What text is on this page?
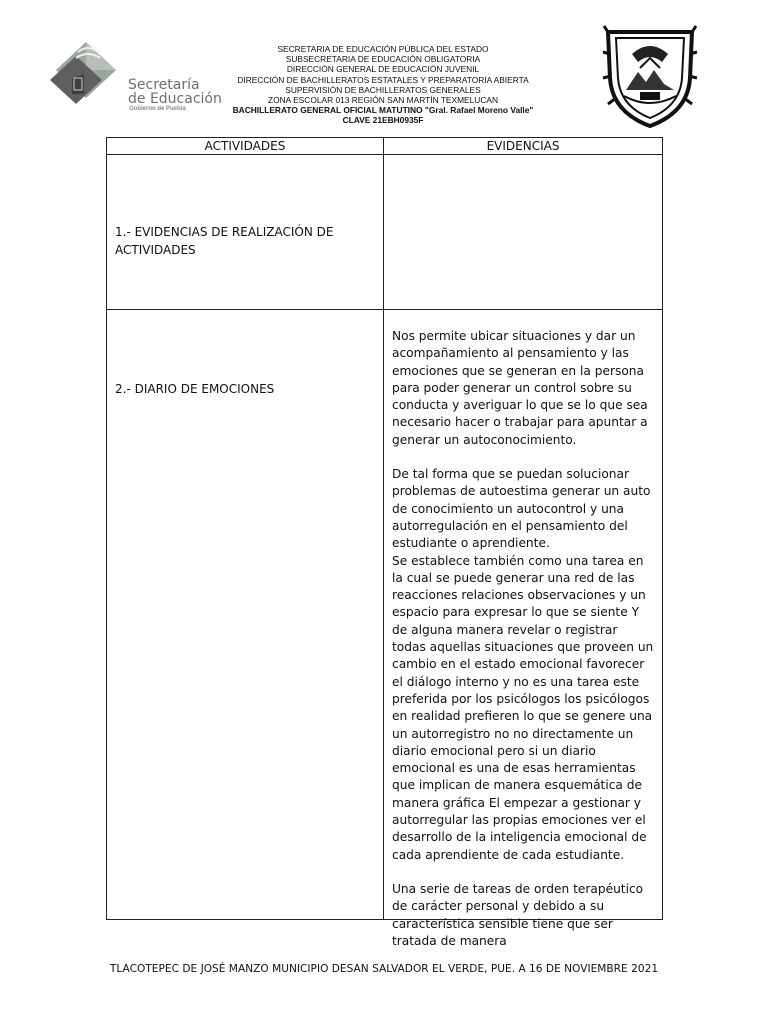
Secretaría
de Educación
Gobierno de Puebla
SECRETARIA DE EDUCACIÓN PÚBLICA DEL ESTADO
SUBSECRETARIA DE EDUCACIÓN OBLIGATORIA
DIRECCIÓN GENERAL DE EDUCACIÓN JUVENIL
DIRECCIÓN DE BACHILLERATOS ESTATALES Y PREPARATORIA ABIERTA
SUPERVISIÓN DE BACHILLERATOS GENERALES
ZONA ESCOLAR 013 REGIÓN SAN MARTÍN TEXMELUCAN
BACHILLERATO GENERAL OFICIAL MATUTINO "Gral. Rafael Moreno Valle"
CLAVE 21EBH0935F
ACTIVIDADES	EVIDENCIAS

1.- EVIDENCIAS DE REALIZACIÓN DE ACTIVIDADES	

2.- DIARIO DE EMOCIONES	Nos permite ubicar situaciones y dar un acompañamiento al pensamiento y las emociones que se generan en la persona para poder generar un control sobre su conducta y averiguar lo que se lo que sea necesario hacer o trabajar para apuntar a generar un autoconocimiento.

De tal forma que se puedan solucionar problemas de autoestima generar un auto de conocimiento un autocontrol y una autorregulación en el pensamiento del estudiante o aprendiente.

Se establece también como una tarea en la cual se puede generar una red de las reacciones relaciones observaciones y un espacio para expresar lo que se siente Y de alguna manera revelar o registrar todas aquellas situaciones que proveen un cambio en el estado emocional favorecer el diálogo interno y no es una tarea este preferida por los psicólogos los psicólogos en realidad prefieren lo que se genere una un autorregistro no no directamente un diario emocional pero si un diario emocional es una de esas herramientas que implican de manera esquemática de manera gráfica El empezar a gestionar y autorregular las propias emociones ver el desarrollo de la inteligencia emocional de cada aprendiente de cada estudiante.

Una serie de tareas de orden terapéutico de carácter personal y debido a su característica sensible tiene que ser tratada de manera

TLACOTEPEC DE JOSÉ MANZO MUNICIPIO DESAN SALVADOR EL VERDE, PUE. A 16 DE NOVIEMBRE 2021
